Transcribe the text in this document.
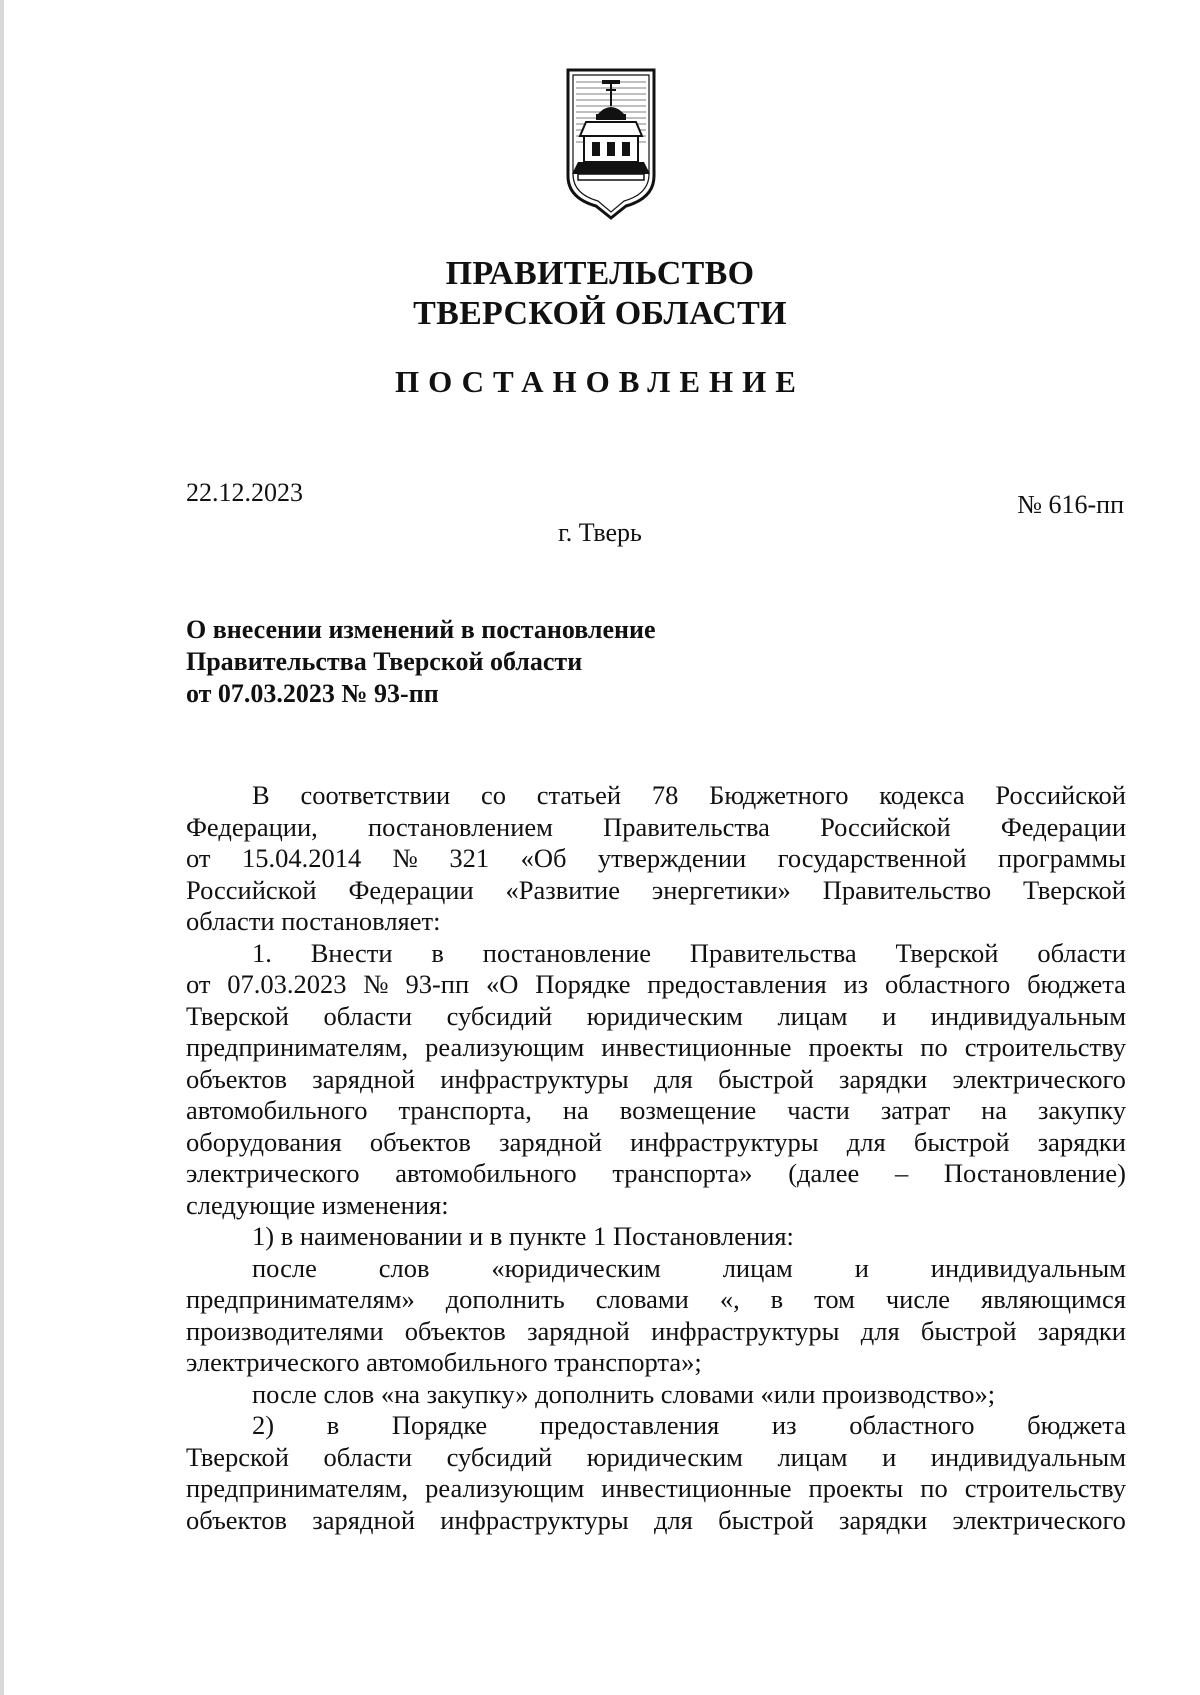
ПРАВИТЕЛЬСТВО
ТВЕРСКОЙ ОБЛАСТИ
ПОСТАНОВЛЕНИЕ
22.12.2023	№ 616-пп
г. Тверь
О внесении изменений в постановление
Правительства Тверской области
от 07.03.2023 № 93-пп
В соответствии со статьей 78 Бюджетного кодекса Российской
Федерации, постановлением Правительства Российской Федерации
от 15.04.2014 № 321 «Об утверждении государственной программы
Российской Федерации «Развитие энергетики» Правительство Тверской
области постановляет:
1. Внести в постановление Правительства Тверской области
от 07.03.2023 № 93-пп «О Порядке предоставления из областного бюджета
Тверской области субсидий юридическим лицам и индивидуальным
предпринимателям, реализующим инвестиционные проекты по строительству
объектов зарядной инфраструктуры для быстрой зарядки электрического
автомобильного транспорта, на возмещение части затрат на закупку
оборудования объектов зарядной инфраструктуры для быстрой зарядки
электрического автомобильного транспорта» (далее – Постановление)
следующие изменения:
1) в наименовании и в пункте 1 Постановления:
после слов «юридическим лицам и индивидуальным
предпринимателям» дополнить словами «, в том числе являющимся
производителями объектов зарядной инфраструктуры для быстрой зарядки
электрического автомобильного транспорта»;
после слов «на закупку» дополнить словами «или производство»;
2) в Порядке предоставления из областного бюджета
Тверской области субсидий юридическим лицам и индивидуальным
предпринимателям, реализующим инвестиционные проекты по строительству
объектов зарядной инфраструктуры для быстрой зарядки электрического
